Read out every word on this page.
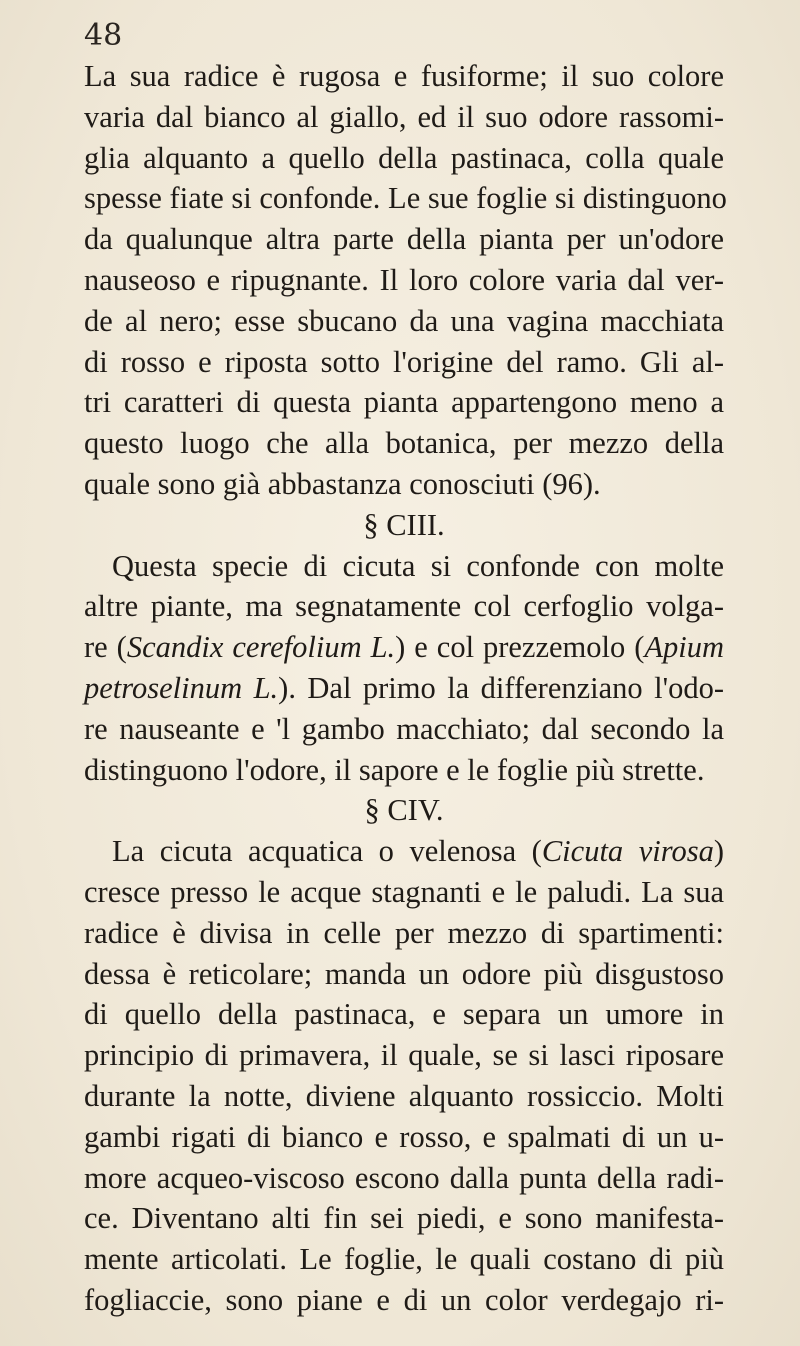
48
La sua radice è rugosa e fusiforme; il suo colore
varia dal bianco al giallo, ed il suo odore rassomi-
glia alquanto a quello della pastinaca, colla quale
spesse fiate si confonde. Le sue foglie si distinguono
da qualunque altra parte della pianta per un'odore
nauseoso e ripugnante. Il loro colore varia dal ver-
de al nero; esse sbucano da una vagina macchiata
di rosso e riposta sotto l'origine del ramo. Gli al-
tri caratteri di questa pianta appartengono meno a
questo luogo che alla botanica, per mezzo della
quale sono già abbastanza conosciuti (96).
§ CIII.
Questa specie di cicuta si confonde con molte
altre piante, ma segnatamente col cerfoglio volga-
re (Scandix cerefolium L.) e col prezzemolo (Apium
petroselinum L.). Dal primo la differenziano l'odo-
re nauseante e 'l gambo macchiato; dal secondo la
distinguono l'odore, il sapore e le foglie più strette.
§ CIV.
La cicuta acquatica o velenosa (Cicuta virosa)
cresce presso le acque stagnanti e le paludi. La sua
radice è divisa in celle per mezzo di spartimenti:
dessa è reticolare; manda un odore più disgustoso
di quello della pastinaca, e separa un umore in
principio di primavera, il quale, se si lasci riposare
durante la notte, diviene alquanto rossiccio. Molti
gambi rigati di bianco e rosso, e spalmati di un u-
more acqueo-viscoso escono dalla punta della radi-
ce. Diventano alti fin sei piedi, e sono manifesta-
mente articolati. Le foglie, le quali costano di più
fogliaccie, sono piane e di un color verdegajo ri-
